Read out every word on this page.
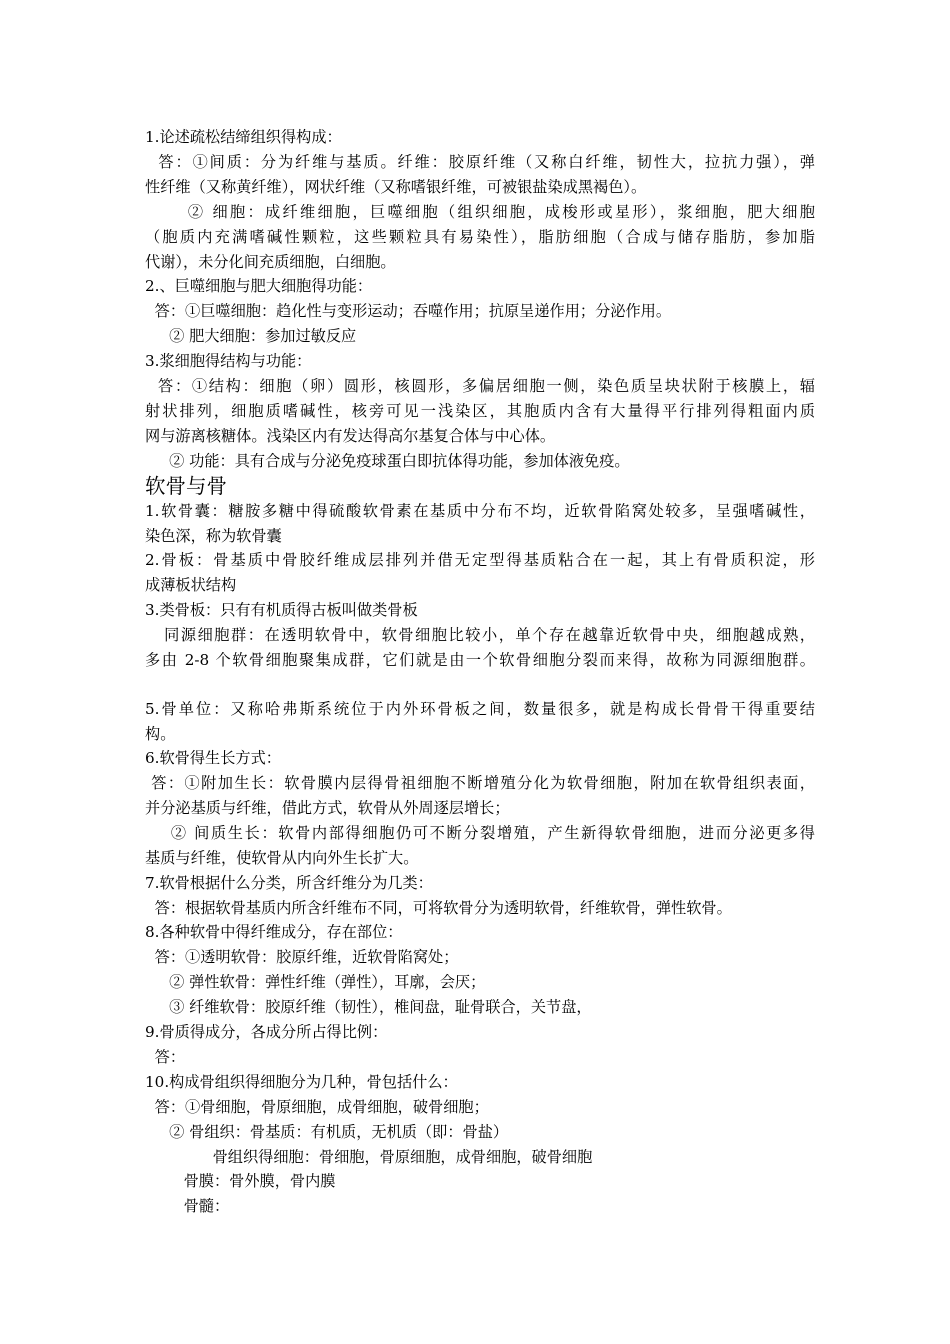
1.论述疏松结缔组织得构成：
答：①间质：分为纤维与基质。纤维：胶原纤维（又称白纤维，韧性大，拉抗力强），弹
性纤维（又称黄纤维），网状纤维（又称嗜银纤维，可被银盐染成黑褐色）。
② 细胞：成纤维细胞，巨噬细胞（组织细胞，成梭形或星形），浆细胞，肥大细胞
（胞质内充满嗜碱性颗粒，这些颗粒具有易染性），脂肪细胞（合成与储存脂肪，参加脂
代谢），未分化间充质细胞，白细胞。
2.、巨噬细胞与肥大细胞得功能：
答：①巨噬细胞：趋化性与变形运动；吞噬作用；抗原呈递作用；分泌作用。
② 肥大细胞：参加过敏反应
3.浆细胞得结构与功能：
答：①结构：细胞（卵）圆形，核圆形，多偏居细胞一侧，染色质呈块状附于核膜上，辐
射状排列，细胞质嗜碱性，核旁可见一浅染区，其胞质内含有大量得平行排列得粗面内质
网与游离核糖体。浅染区内有发达得高尔基复合体与中心体。
② 功能：具有合成与分泌免疫球蛋白即抗体得功能，参加体液免疫。
软骨与骨
1.软骨囊：糖胺多糖中得硫酸软骨素在基质中分布不均，近软骨陷窝处较多，呈强嗜碱性，
染色深，称为软骨囊
2.骨板：骨基质中骨胶纤维成层排列并借无定型得基质粘合在一起，其上有骨质积淀，形
成薄板状结构
3.类骨板：只有有机质得古板叫做类骨板
同源细胞群：在透明软骨中，软骨细胞比较小，单个存在越靠近软骨中央，细胞越成熟，
多由 2-8 个软骨细胞聚集成群，它们就是由一个软骨细胞分裂而来得，故称为同源细胞群。
5.骨单位：又称哈弗斯系统位于内外环骨板之间，数量很多，就是构成长骨骨干得重要结
构。
6.软骨得生长方式：
答：①附加生长：软骨膜内层得骨祖细胞不断增殖分化为软骨细胞，附加在软骨组织表面，
并分泌基质与纤维，借此方式，软骨从外周逐层增长；
② 间质生长：软骨内部得细胞仍可不断分裂增殖，产生新得软骨细胞，进而分泌更多得
基质与纤维，使软骨从内向外生长扩大。
7.软骨根据什么分类，所含纤维分为几类：
答：根据软骨基质内所含纤维布不同，可将软骨分为透明软骨，纤维软骨，弹性软骨。
8.各种软骨中得纤维成分，存在部位：
答：①透明软骨：胶原纤维，近软骨陷窝处；
② 弹性软骨：弹性纤维（弹性），耳廓，会厌；
③ 纤维软骨：胶原纤维（韧性），椎间盘，耻骨联合，关节盘，
9.骨质得成分，各成分所占得比例：
答：
10.构成骨组织得细胞分为几种，骨包括什么：
答：①骨细胞，骨原细胞，成骨细胞，破骨细胞；
② 骨组织：骨基质：有机质，无机质（即：骨盐）
骨组织得细胞：骨细胞，骨原细胞，成骨细胞，破骨细胞
骨膜：骨外膜，骨内膜
骨髓：
